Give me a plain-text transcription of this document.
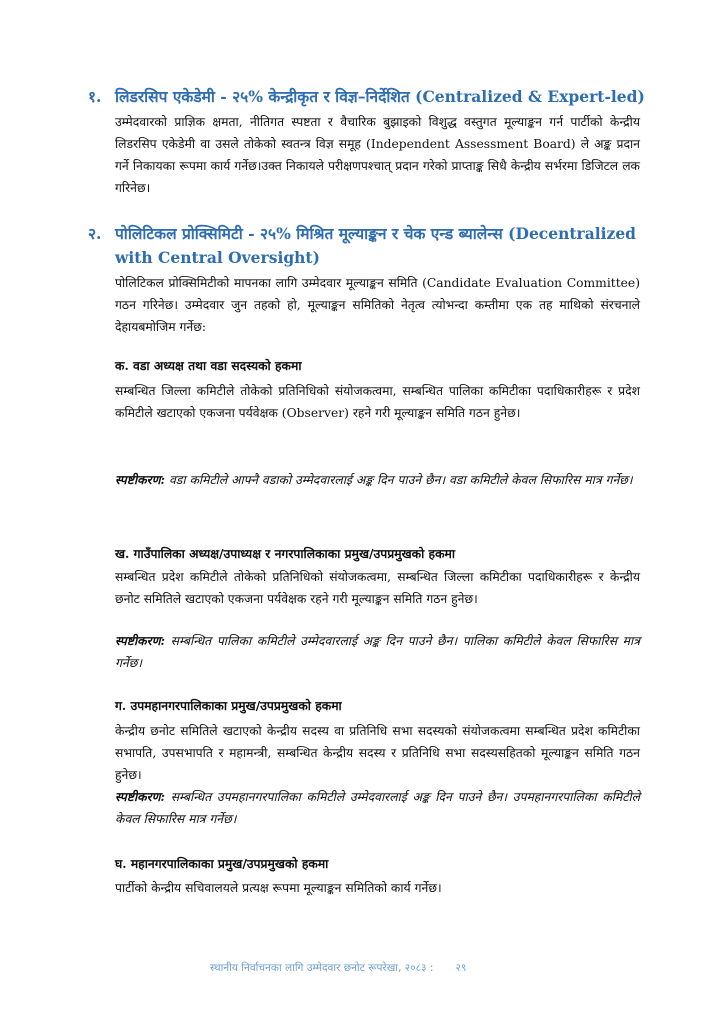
१. लिडरसिप एकेडेमी - २५% केन्द्रीकृत र विज्ञ–निर्देशित (Centralized & Expert-led)
उम्मेदवारको प्राज्ञिक क्षमता, नीतिगत स्पष्टता र वैचारिक बुझाइको विशुद्ध वस्तुगत मूल्याङ्कन गर्न पार्टीको केन्द्रीय लिडरसिप एकेडेमी वा उसले तोकेको स्वतन्त्र विज्ञ समूह (Independent Assessment Board) ले अङ्क प्रदान गर्ने निकायका रूपमा कार्य गर्नेछ।उक्त निकायले परीक्षणपश्चात् प्रदान गरेको प्राप्ताङ्क सिधै केन्द्रीय सर्भरमा डिजिटल लक गरिनेछ।
२. पोलिटिकल प्रोक्सिमिटी - २५% मिश्रित मूल्याङ्कन र चेक एन्ड ब्यालेन्स (Decentralized with Central Oversight)
पोलिटिकल प्रोक्सिमिटीको मापनका लागि उम्मेदवार मूल्याङ्कन समिति (Candidate Evaluation Committee) गठन गरिनेछ। उम्मेदवार जुन तहको हो, मूल्याङ्कन समितिको नेतृत्व त्योभन्दा कम्तीमा एक तह माथिको संरचनाले देहायबमोजिम गर्नेछ:
क. वडा अध्यक्ष तथा वडा सदस्यको हकमा
सम्बन्धित जिल्ला कमिटीले तोकेको प्रतिनिधिको संयोजकत्वमा, सम्बन्धित पालिका कमिटीका पदाधिकारीहरू र प्रदेश कमिटीले खटाएको एकजना पर्यवेक्षक (Observer) रहने गरी मूल्याङ्कन समिति गठन हुनेछ।
स्पष्टीकरण: वडा कमिटीले आफ्नै वडाको उम्मेदवारलाई अङ्क दिन पाउने छैन। वडा कमिटीले केवल सिफारिस मात्र गर्नेछ।
ख. गाउँपालिका अध्यक्ष/उपाध्यक्ष र नगरपालिकाका प्रमुख/उपप्रमुखको हकमा
सम्बन्धित प्रदेश कमिटीले तोकेको प्रतिनिधिको संयोजकत्वमा, सम्बन्धित जिल्ला कमिटीका पदाधिकारीहरू र केन्द्रीय छनोट समितिले खटाएको एकजना पर्यवेक्षक रहने गरी मूल्याङ्कन समिति गठन हुनेछ।
स्पष्टीकरण: सम्बन्धित पालिका कमिटीले उम्मेदवारलाई अङ्क दिन पाउने छैन। पालिका कमिटीले केवल सिफारिस मात्र गर्नेछ।
ग. उपमहानगरपालिकाका प्रमुख/उपप्रमुखको हकमा
केन्द्रीय छनोट समितिले खटाएको केन्द्रीय सदस्य वा प्रतिनिधि सभा सदस्यको संयोजकत्वमा सम्बन्धित प्रदेश कमिटीका सभापति, उपसभापति र महामन्त्री, सम्बन्धित केन्द्रीय सदस्य र प्रतिनिधि सभा सदस्यसहितको मूल्याङ्कन समिति गठन हुनेछ।
स्पष्टीकरण: सम्बन्धित उपमहानगरपालिका कमिटीले उम्मेदवारलाई अङ्क दिन पाउने छैन। उपमहानगरपालिका कमिटीले केवल सिफारिस मात्र गर्नेछ।
घ. महानगरपालिकाका प्रमुख/उपप्रमुखको हकमा
पार्टीको केन्द्रीय सचिवालयले प्रत्यक्ष रूपमा मूल्याङ्कन समितिको कार्य गर्नेछ।
स्थानीय निर्वाचनका लागि उम्मेदवार छनोट रूपरेखा, २०८३ : २९
